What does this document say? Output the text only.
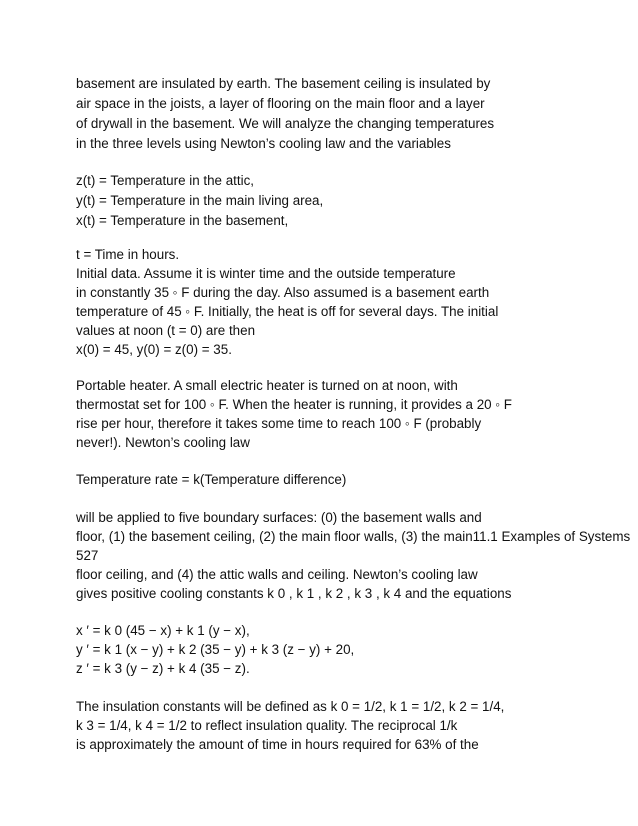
basement are insulated by earth. The basement ceiling is insulated by
air space in the joists, a layer of flooring on the main floor and a layer
of drywall in the basement. We will analyze the changing temperatures
in the three levels using Newton’s cooling law and the variables
z(t) = Temperature in the attic,
y(t) = Temperature in the main living area,
x(t) = Temperature in the basement,
t = Time in hours.
Initial data. Assume it is winter time and the outside temperature
in constantly 35 ◦ F during the day. Also assumed is a basement earth
temperature of 45 ◦ F. Initially, the heat is off for several days. The initial
values at noon (t = 0) are then
x(0) = 45, y(0) = z(0) = 35.
Portable heater. A small electric heater is turned on at noon, with
thermostat set for 100 ◦ F. When the heater is running, it provides a 20 ◦ F
rise per hour, therefore it takes some time to reach 100 ◦ F (probably
never!). Newton’s cooling law
Temperature rate = k(Temperature difference)
will be applied to five boundary surfaces: (0) the basement walls and
floor, (1) the basement ceiling, (2) the main floor walls, (3) the main11.1 Examples of Systems
527
floor ceiling, and (4) the attic walls and ceiling. Newton’s cooling law
gives positive cooling constants k 0 , k 1 , k 2 , k 3 , k 4 and the equations
x ′ = k 0 (45 − x) + k 1 (y − x),
y ′ = k 1 (x − y) + k 2 (35 − y) + k 3 (z − y) + 20,
z ′ = k 3 (y − z) + k 4 (35 − z).
The insulation constants will be defined as k 0 = 1/2, k 1 = 1/2, k 2 = 1/4,
k 3 = 1/4, k 4 = 1/2 to reflect insulation quality. The reciprocal 1/k
is approximately the amount of time in hours required for 63% of the
